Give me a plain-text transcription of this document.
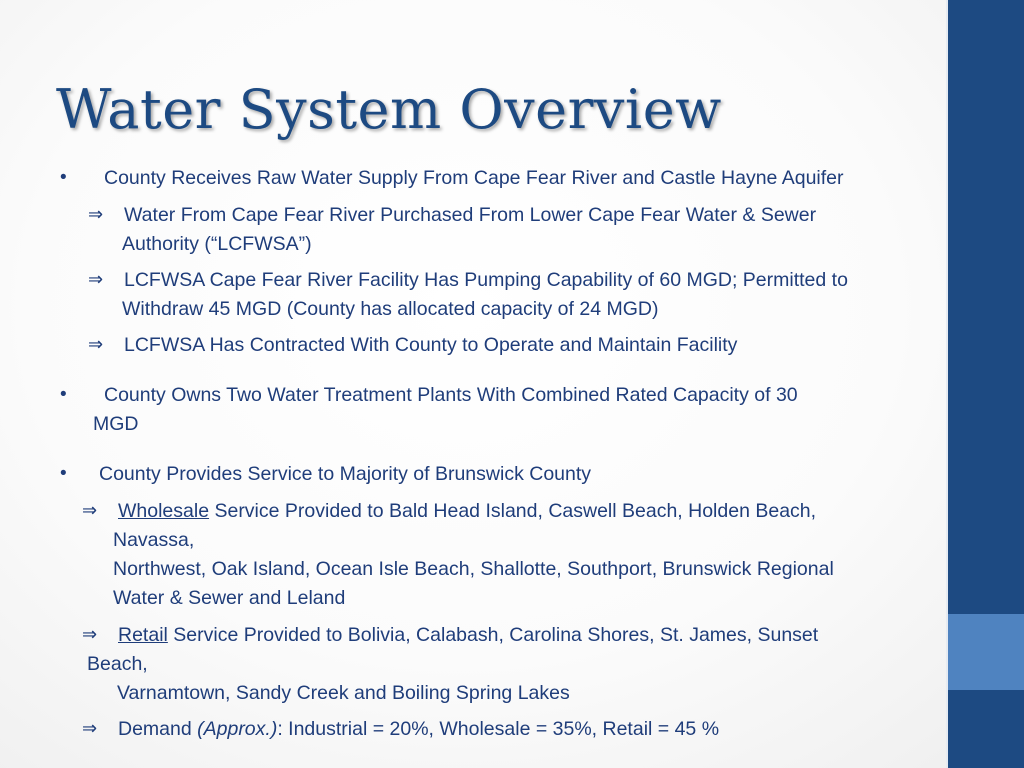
Water System Overview
• County Receives Raw Water Supply From Cape Fear River and Castle Hayne Aquifer
⇒ Water From Cape Fear River Purchased From Lower Cape Fear Water & Sewer
Authority (“LCFWSA”)
⇒ LCFWSA Cape Fear River Facility Has Pumping Capability of 60 MGD; Permitted to
Withdraw 45 MGD (County has allocated capacity of 24 MGD)
⇒ LCFWSA Has Contracted With County to Operate and Maintain Facility
• County Owns Two Water Treatment Plants With Combined Rated Capacity of 30
MGD
• County Provides Service to Majority of Brunswick County
⇒ Wholesale Service Provided to Bald Head Island, Caswell Beach, Holden Beach,
Navassa,
Northwest, Oak Island, Ocean Isle Beach, Shallotte, Southport, Brunswick Regional
Water & Sewer and Leland
⇒ Retail Service Provided to Bolivia, Calabash, Carolina Shores, St. James, Sunset
Beach,
Varnamtown, Sandy Creek and Boiling Spring Lakes
⇒ Demand (Approx.): Industrial = 20%, Wholesale = 35%, Retail = 45 %
